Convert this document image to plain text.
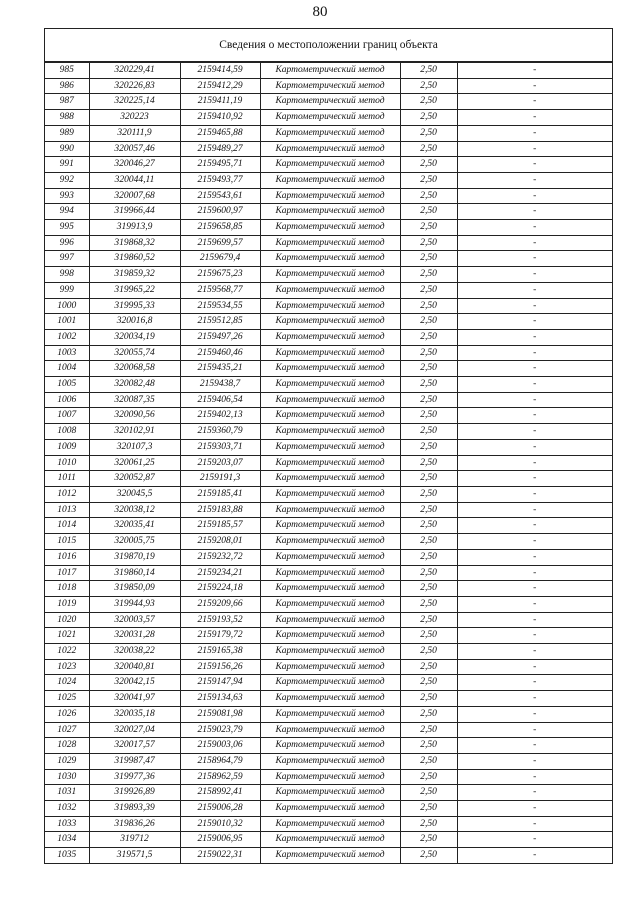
80
Сведения о местоположении границ объекта
985	320229,41	2159414,59	Картометрический метод	2,50	-
986	320226,83	2159412,29	Картометрический метод	2,50	-
987	320225,14	2159411,19	Картометрический метод	2,50	-
988	320223	2159410,92	Картометрический метод	2,50	-
989	320111,9	2159465,88	Картометрический метод	2,50	-
990	320057,46	2159489,27	Картометрический метод	2,50	-
991	320046,27	2159495,71	Картометрический метод	2,50	-
992	320044,11	2159493,77	Картометрический метод	2,50	-
993	320007,68	2159543,61	Картометрический метод	2,50	-
994	319966,44	2159600,97	Картометрический метод	2,50	-
995	319913,9	2159658,85	Картометрический метод	2,50	-
996	319868,32	2159699,57	Картометрический метод	2,50	-
997	319860,52	2159679,4	Картометрический метод	2,50	-
998	319859,32	2159675,23	Картометрический метод	2,50	-
999	319965,22	2159568,77	Картометрический метод	2,50	-
1000	319995,33	2159534,55	Картометрический метод	2,50	-
1001	320016,8	2159512,85	Картометрический метод	2,50	-
1002	320034,19	2159497,26	Картометрический метод	2,50	-
1003	320055,74	2159460,46	Картометрический метод	2,50	-
1004	320068,58	2159435,21	Картометрический метод	2,50	-
1005	320082,48	2159438,7	Картометрический метод	2,50	-
1006	320087,35	2159406,54	Картометрический метод	2,50	-
1007	320090,56	2159402,13	Картометрический метод	2,50	-
1008	320102,91	2159360,79	Картометрический метод	2,50	-
1009	320107,3	2159303,71	Картометрический метод	2,50	-
1010	320061,25	2159203,07	Картометрический метод	2,50	-
1011	320052,87	2159191,3	Картометрический метод	2,50	-
1012	320045,5	2159185,41	Картометрический метод	2,50	-
1013	320038,12	2159183,88	Картометрический метод	2,50	-
1014	320035,41	2159185,57	Картометрический метод	2,50	-
1015	320005,75	2159208,01	Картометрический метод	2,50	-
1016	319870,19	2159232,72	Картометрический метод	2,50	-
1017	319860,14	2159234,21	Картометрический метод	2,50	-
1018	319850,09	2159224,18	Картометрический метод	2,50	-
1019	319944,93	2159209,66	Картометрический метод	2,50	-
1020	320003,57	2159193,52	Картометрический метод	2,50	-
1021	320031,28	2159179,72	Картометрический метод	2,50	-
1022	320038,22	2159165,38	Картометрический метод	2,50	-
1023	320040,81	2159156,26	Картометрический метод	2,50	-
1024	320042,15	2159147,94	Картометрический метод	2,50	-
1025	320041,97	2159134,63	Картометрический метод	2,50	-
1026	320035,18	2159081,98	Картометрический метод	2,50	-
1027	320027,04	2159023,79	Картометрический метод	2,50	-
1028	320017,57	2159003,06	Картометрический метод	2,50	-
1029	319987,47	2158964,79	Картометрический метод	2,50	-
1030	319977,36	2158962,59	Картометрический метод	2,50	-
1031	319926,89	2158992,41	Картометрический метод	2,50	-
1032	319893,39	2159006,28	Картометрический метод	2,50	-
1033	319836,26	2159010,32	Картометрический метод	2,50	-
1034	319712	2159006,95	Картометрический метод	2,50	-
1035	319571,5	2159022,31	Картометрический метод	2,50	-
